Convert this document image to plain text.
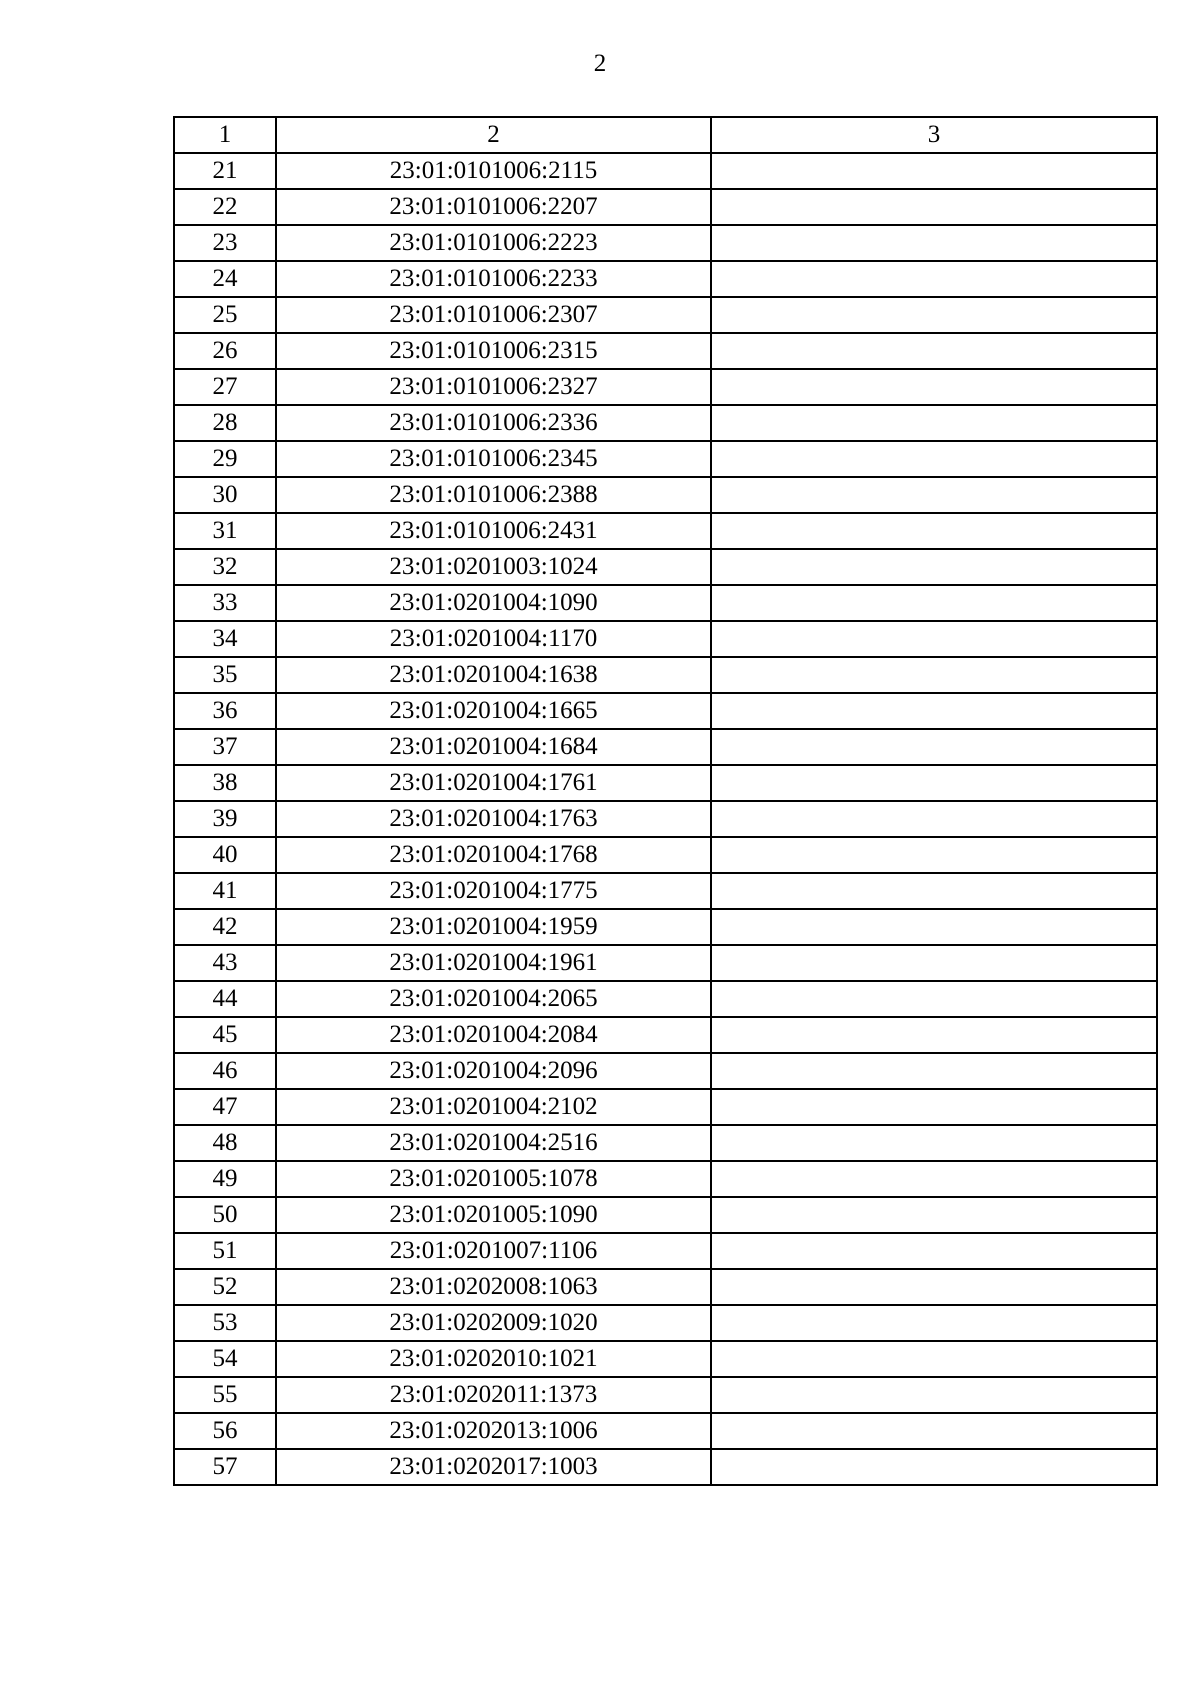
2
1	2	3
21	23:01:0101006:2115	
22	23:01:0101006:2207	
23	23:01:0101006:2223	
24	23:01:0101006:2233	
25	23:01:0101006:2307	
26	23:01:0101006:2315	
27	23:01:0101006:2327	
28	23:01:0101006:2336	
29	23:01:0101006:2345	
30	23:01:0101006:2388	
31	23:01:0101006:2431	
32	23:01:0201003:1024	
33	23:01:0201004:1090	
34	23:01:0201004:1170	
35	23:01:0201004:1638	
36	23:01:0201004:1665	
37	23:01:0201004:1684	
38	23:01:0201004:1761	
39	23:01:0201004:1763	
40	23:01:0201004:1768	
41	23:01:0201004:1775	
42	23:01:0201004:1959	
43	23:01:0201004:1961	
44	23:01:0201004:2065	
45	23:01:0201004:2084	
46	23:01:0201004:2096	
47	23:01:0201004:2102	
48	23:01:0201004:2516	
49	23:01:0201005:1078	
50	23:01:0201005:1090	
51	23:01:0201007:1106	
52	23:01:0202008:1063	
53	23:01:0202009:1020	
54	23:01:0202010:1021	
55	23:01:0202011:1373	
56	23:01:0202013:1006	
57	23:01:0202017:1003	
